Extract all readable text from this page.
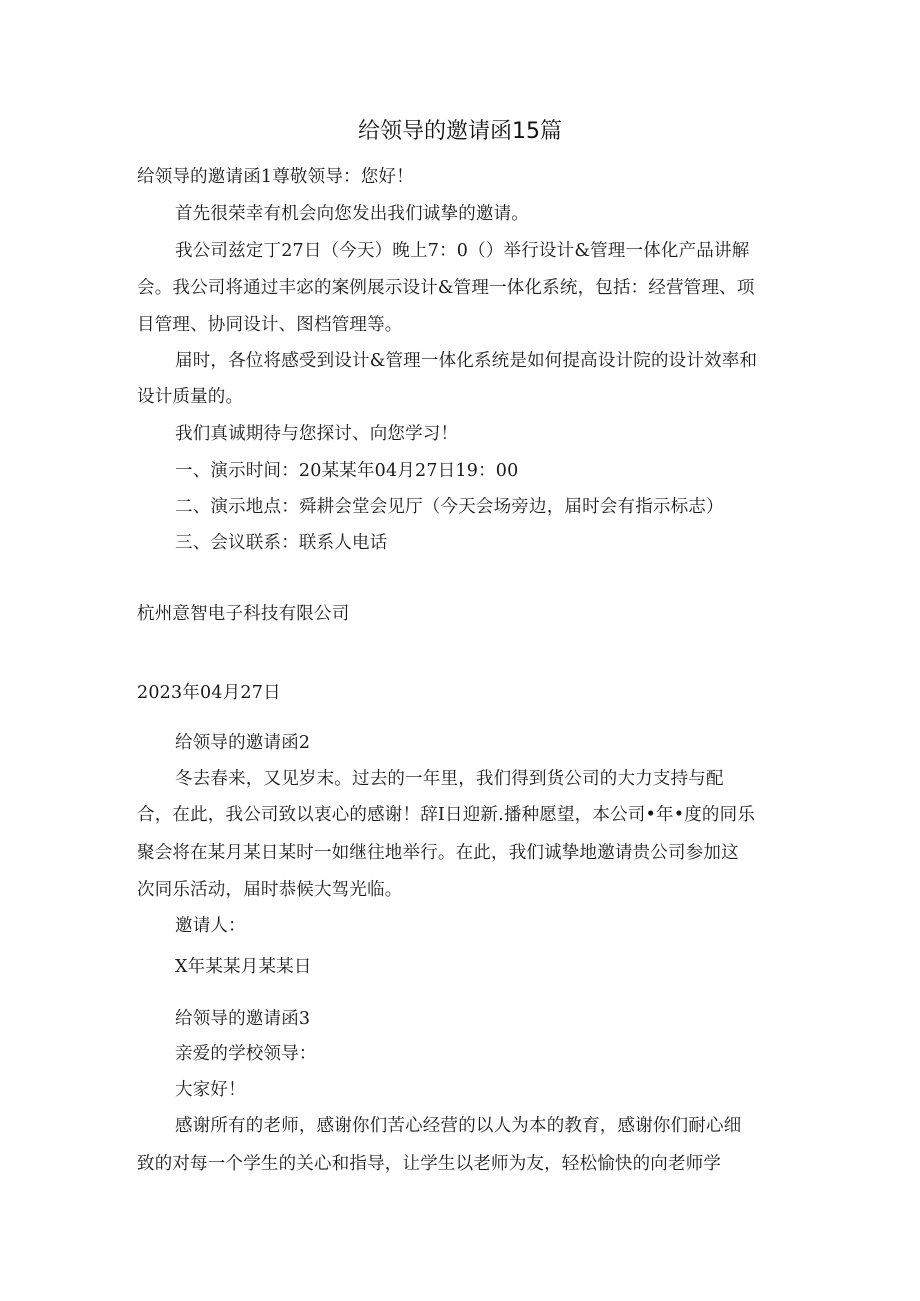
给领导的邀请函15篇
给领导的邀请函1尊敬领导：您好！
首先很荣幸有机会向您发出我们诚挚的邀请。
我公司兹定丁27日（今天）晚上7：0（）举行设计&管理一体化产品讲解
会。我公司将通过丰宓的案例展示设计&管理一体化系统，包括：经营管理、项
目管理、协同设计、图档管理等。
届时，各位将感受到设计&管理一体化系统是如何提高设计院的设计效率和
设计质量的。
我们真诚期待与您探讨、向您学习！
一、演示时间：20某某年04月27日19：00
二、演示地点：舜耕会堂会见厅（今天会场旁边，届时会有指示标志）
三、会议联系：联系人电话
杭州意智电子科技有限公司
2023年04月27日
给领导的邀请函2
冬去春来，又见岁末。过去的一年里，我们得到货公司的大力支持与配
合，在此，我公司致以衷心的感谢！辞I日迎新.播种愿望，本公司•年•度的同乐
聚会将在某月某日某时一如继往地举行。在此，我们诚挚地邀请贵公司参加这
次同乐活动，届时恭候大驾光临。
邀请人：
X年某某月某某日
给领导的邀请函3
亲爱的学校领导：
大家好！
感谢所有的老师，感谢你们苦心经营的以人为本的教育，感谢你们耐心细
致的对每一个学生的关心和指导，让学生以老师为友，轻松愉快的向老师学
